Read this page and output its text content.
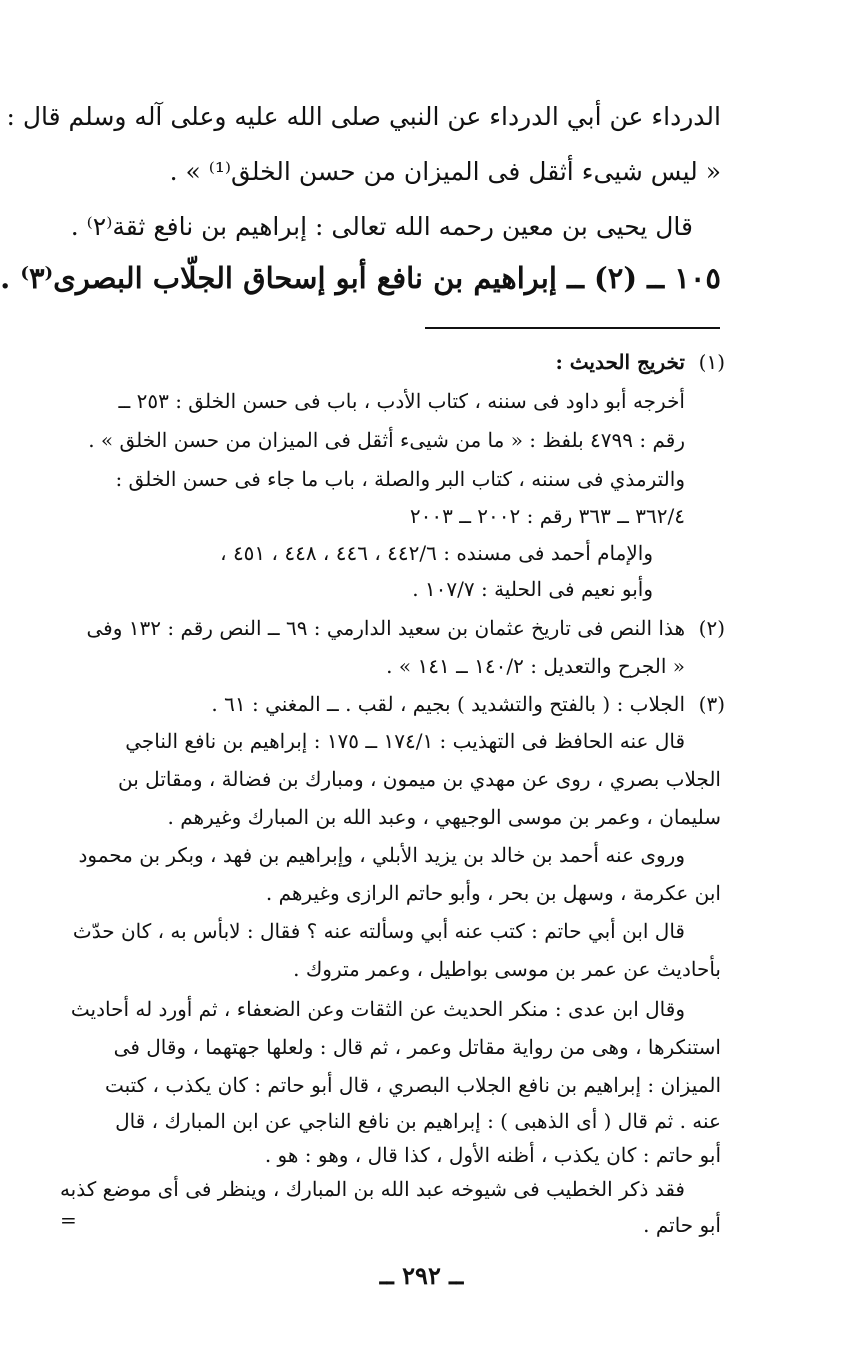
الدرداء عن أبي الدرداء عن النبي صلى الله عليه وعلى آله وسلم قال :
« ليس شيىء أثقل فى الميزان من حسن الخلق⁽¹⁾ » .
قال يحيى بن معين رحمه الله تعالى : إبراهيم بن نافع ثقة⁽٢⁾ .
١٠٥ ــ (٢) ــ إبراهيم بن نافع أبو إسحاق الجلّاب البصرى⁽٣⁾ .
(١)
تخريج الحديث :
أخرجه أبو داود فى سننه ، كتاب الأدب ، باب فى حسن الخلق : ٢٥٣ ــ
رقم : ٤٧٩٩ بلفظ : « ما من شيىء أثقل فى الميزان من حسن الخلق » .
والترمذي فى سننه ، كتاب البر والصلة ، باب ما جاء فى حسن الخلق :
٣٦٢/٤ ــ ٣٦٣ رقم : ٢٠٠٢ ــ ٢٠٠٣
والإمام أحمد فى مسنده : ٤٤٢/٦ ، ٤٤٦ ، ٤٤٨ ، ٤٥١ ،
وأبو نعيم فى الحلية : ١٠٧/٧ .
(٢)
هذا النص فى تاريخ عثمان بن سعيد الدارمي : ٦٩ ــ النص رقم : ١٣٢ وفى
« الجرح والتعديل : ١٤٠/٢ ــ ١٤١ » .
(٣)
الجلاب : ( بالفتح والتشديد ) بجيم ، لقب . ــ المغني : ٦١ .
قال عنه الحافظ فى التهذيب : ١٧٤/١ ــ ١٧٥ : إبراهيم بن نافع الناجي
الجلاب بصري ، روى عن مهدي بن ميمون ، ومبارك بن فضالة ، ومقاتل بن
سليمان ، وعمر بن موسى الوجيهي ، وعبد الله بن المبارك وغيرهم .
وروى عنه أحمد بن خالد بن يزيد الأبلي ، وإبراهيم بن فهد ، وبكر بن محمود
ابن عكرمة ، وسهل بن بحر ، وأبو حاتم الرازى وغيرهم .
قال ابن أبي حاتم : كتب عنه أبي وسألته عنه ؟ فقال : لابأس به ، كان حدّث
بأحاديث عن عمر بن موسى بواطيل ، وعمر متروك .
وقال ابن عدى : منكر الحديث عن الثقات وعن الضعفاء ، ثم أورد له أحاديث
استنكرها ، وهى من رواية مقاتل وعمر ، ثم قال : ولعلها جهتهما ، وقال فى
الميزان : إبراهيم بن نافع الجلاب البصري ، قال أبو حاتم : كان يكذب ، كتبت
عنه . ثم قال ( أى الذهبى ) : إبراهيم بن نافع الناجي عن ابن المبارك ، قال
أبو حاتم : كان يكذب ، أظنه الأول ، كذا قال ، وهو : هو .
فقد ذكر الخطيب فى شيوخه عبد الله بن المبارك ، وينظر فى أى موضع كذبه
أبو حاتم .
=
ــ ٢٩٢ ــ
